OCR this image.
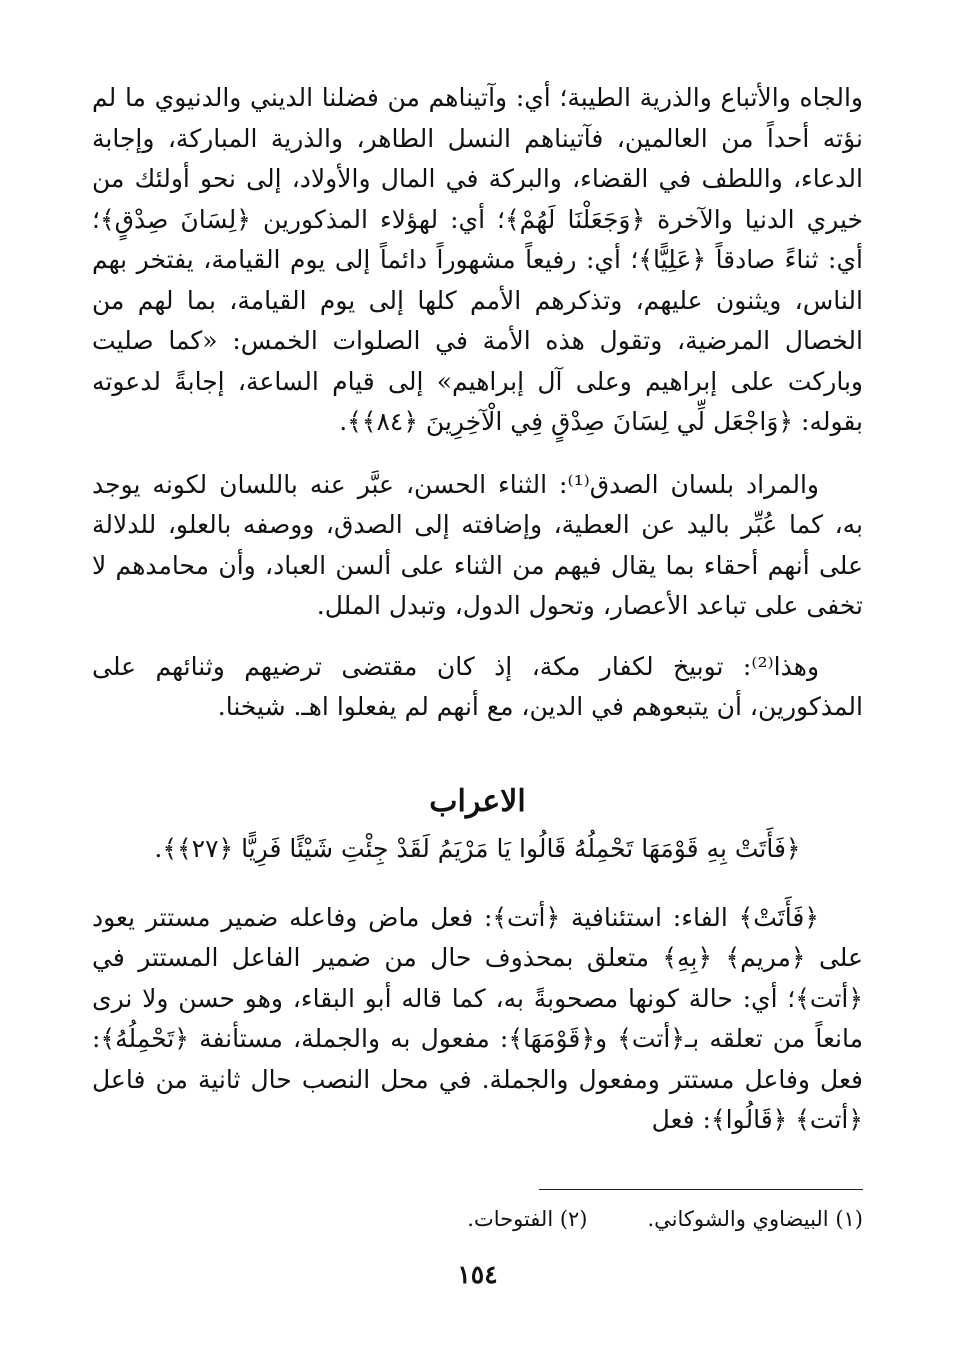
والجاه والأتباع والذرية الطيبة؛ أي: وآتيناهم من فضلنا الديني والدنيوي ما لم نؤته أحداً من العالمين، فآتيناهم النسل الطاهر، والذرية المباركة، وإجابة الدعاء، واللطف في القضاء، والبركة في المال والأولاد، إلى نحو أولئك من خيري الدنيا والآخرة ﴿وَجَعَلْنَا لَهُمْ﴾؛ أي: لهؤلاء المذكورين ﴿لِسَانَ صِدْقٍ﴾؛ أي: ثناءً صادقاً ﴿عَلِيًّا﴾؛ أي: رفيعاً مشهوراً دائماً إلى يوم القيامة، يفتخر بهم الناس، ويثنون عليهم، وتذكرهم الأمم كلها إلى يوم القيامة، بما لهم من الخصال المرضية، وتقول هذه الأمة في الصلوات الخمس: «كما صليت وباركت على إبراهيم وعلى آل إبراهيم» إلى قيام الساعة، إجابةً لدعوته بقوله: ﴿وَاجْعَل لِّي لِسَانَ صِدْقٍ فِي الْآخِرِينَ ﴿٨٤﴾﴾.

والمراد بلسان الصدق⁽¹⁾: الثناء الحسن، عبَّر عنه باللسان لكونه يوجد به، كما عُبِّر باليد عن العطية، وإضافته إلى الصدق، ووصفه بالعلو، للدلالة على أنهم أحقاء بما يقال فيهم من الثناء على ألسن العباد، وأن محامدهم لا تخفى على تباعد الأعصار، وتحول الدول، وتبدل الملل.

وهذا⁽²⁾: توبيخ لكفار مكة، إذ كان مقتضى ترضيهم وثنائهم على المذكورين، أن يتبعوهم في الدين، مع أنهم لم يفعلوا اهـ. شيخنا.

الاعراب
﴿فَأَتَتْ بِهِ قَوْمَهَا تَحْمِلُهُ قَالُوا يَا مَرْيَمُ لَقَدْ جِئْتِ شَيْئًا فَرِيًّا ﴿٢٧﴾﴾.

﴿فَأَتَتْ﴾ الفاء: استئنافية ﴿أتت﴾: فعل ماض وفاعله ضمير مستتر يعود على ﴿مريم﴾ ﴿بِهِ﴾ متعلق بمحذوف حال من ضمير الفاعل المستتر في ﴿أتت﴾؛ أي: حالة كونها مصحوبةً به، كما قاله أبو البقاء، وهو حسن ولا نرى مانعاً من تعلقه بـ﴿أتت﴾ و﴿قَوْمَهَا﴾: مفعول به والجملة، مستأنفة ﴿تَحْمِلُهُ﴾: فعل وفاعل مستتر ومفعول والجملة. في محل النصب حال ثانية من فاعل ﴿أتت﴾ ﴿قَالُوا﴾: فعل

(١) البيضاوي والشوكاني.
(٢) الفتوحات.
١٥٤
